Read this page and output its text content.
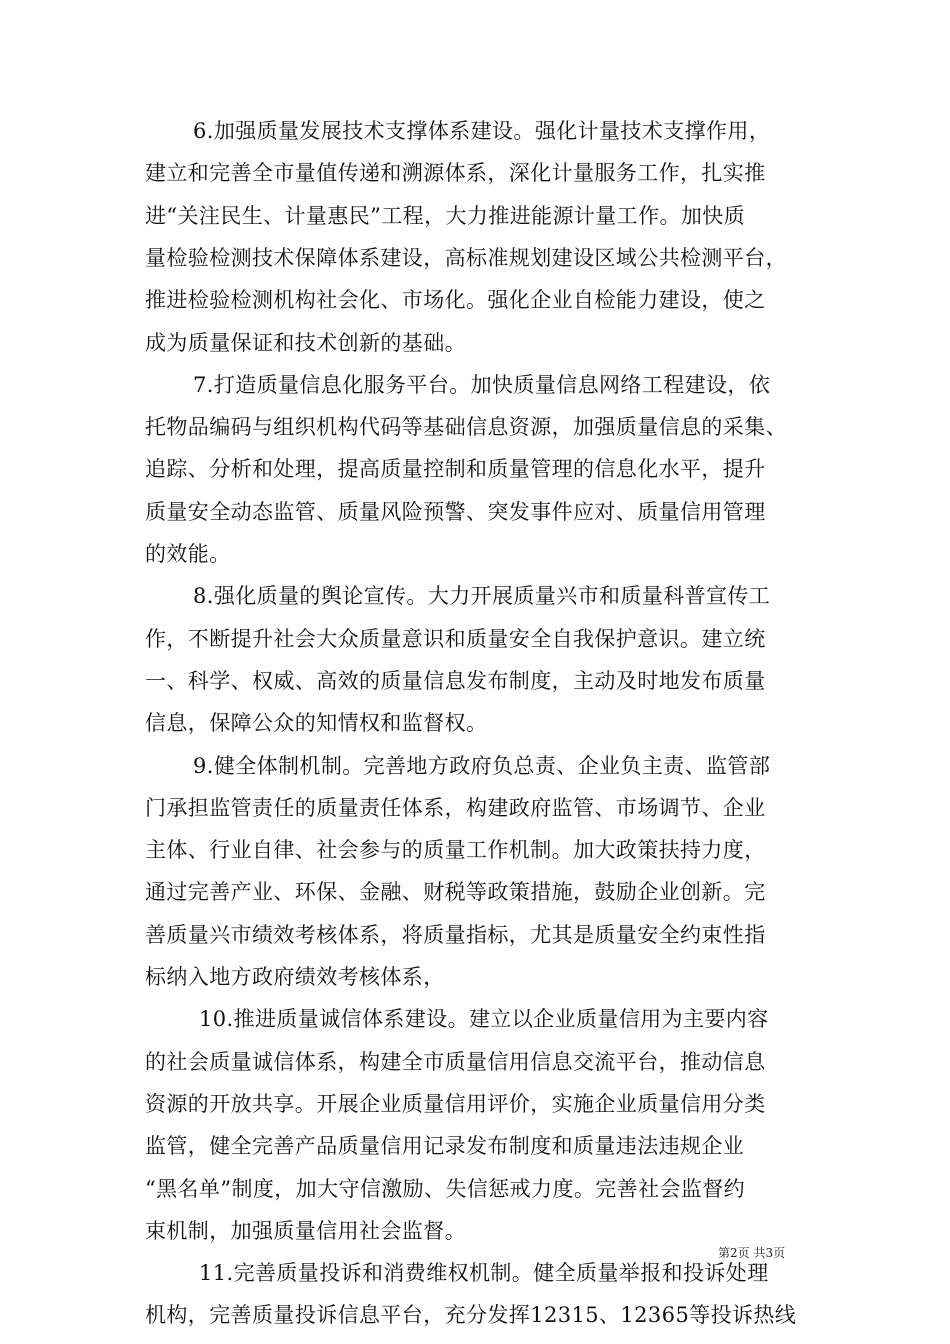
6.加强质量发展技术支撑体系建设。强化计量技术支撑作用，
建立和完善全市量值传递和溯源体系，深化计量服务工作，扎实推
进“关注民生、计量惠民”工程，大力推进能源计量工作。加快质
量检验检测技术保障体系建设，高标准规划建设区域公共检测平台，
推进检验检测机构社会化、市场化。强化企业自检能力建设，使之
成为质量保证和技术创新的基础。
7.打造质量信息化服务平台。加快质量信息网络工程建设，依
托物品编码与组织机构代码等基础信息资源，加强质量信息的采集、
追踪、分析和处理，提高质量控制和质量管理的信息化水平，提升
质量安全动态监管、质量风险预警、突发事件应对、质量信用管理
的效能。
8.强化质量的舆论宣传。大力开展质量兴市和质量科普宣传工
作，不断提升社会大众质量意识和质量安全自我保护意识。建立统
一、科学、权威、高效的质量信息发布制度，主动及时地发布质量
信息，保障公众的知情权和监督权。
9.健全体制机制。完善地方政府负总责、企业负主责、监管部
门承担监管责任的质量责任体系，构建政府监管、市场调节、企业
主体、行业自律、社会参与的质量工作机制。加大政策扶持力度，
通过完善产业、环保、金融、财税等政策措施，鼓励企业创新。完
善质量兴市绩效考核体系，将质量指标，尤其是质量安全约束性指
标纳入地方政府绩效考核体系，
10.推进质量诚信体系建设。建立以企业质量信用为主要内容
的社会质量诚信体系，构建全市质量信用信息交流平台，推动信息
资源的开放共享。开展企业质量信用评价，实施企业质量信用分类
监管，健全完善产品质量信用记录发布制度和质量违法违规企业
“黑名单”制度，加大守信激励、失信惩戒力度。完善社会监督约
束机制，加强质量信用社会监督。
11.完善质量投诉和消费维权机制。健全质量举报和投诉处理
机构，完善质量投诉信息平台，充分发挥12315、12365等投诉热线
第2页 共3页
